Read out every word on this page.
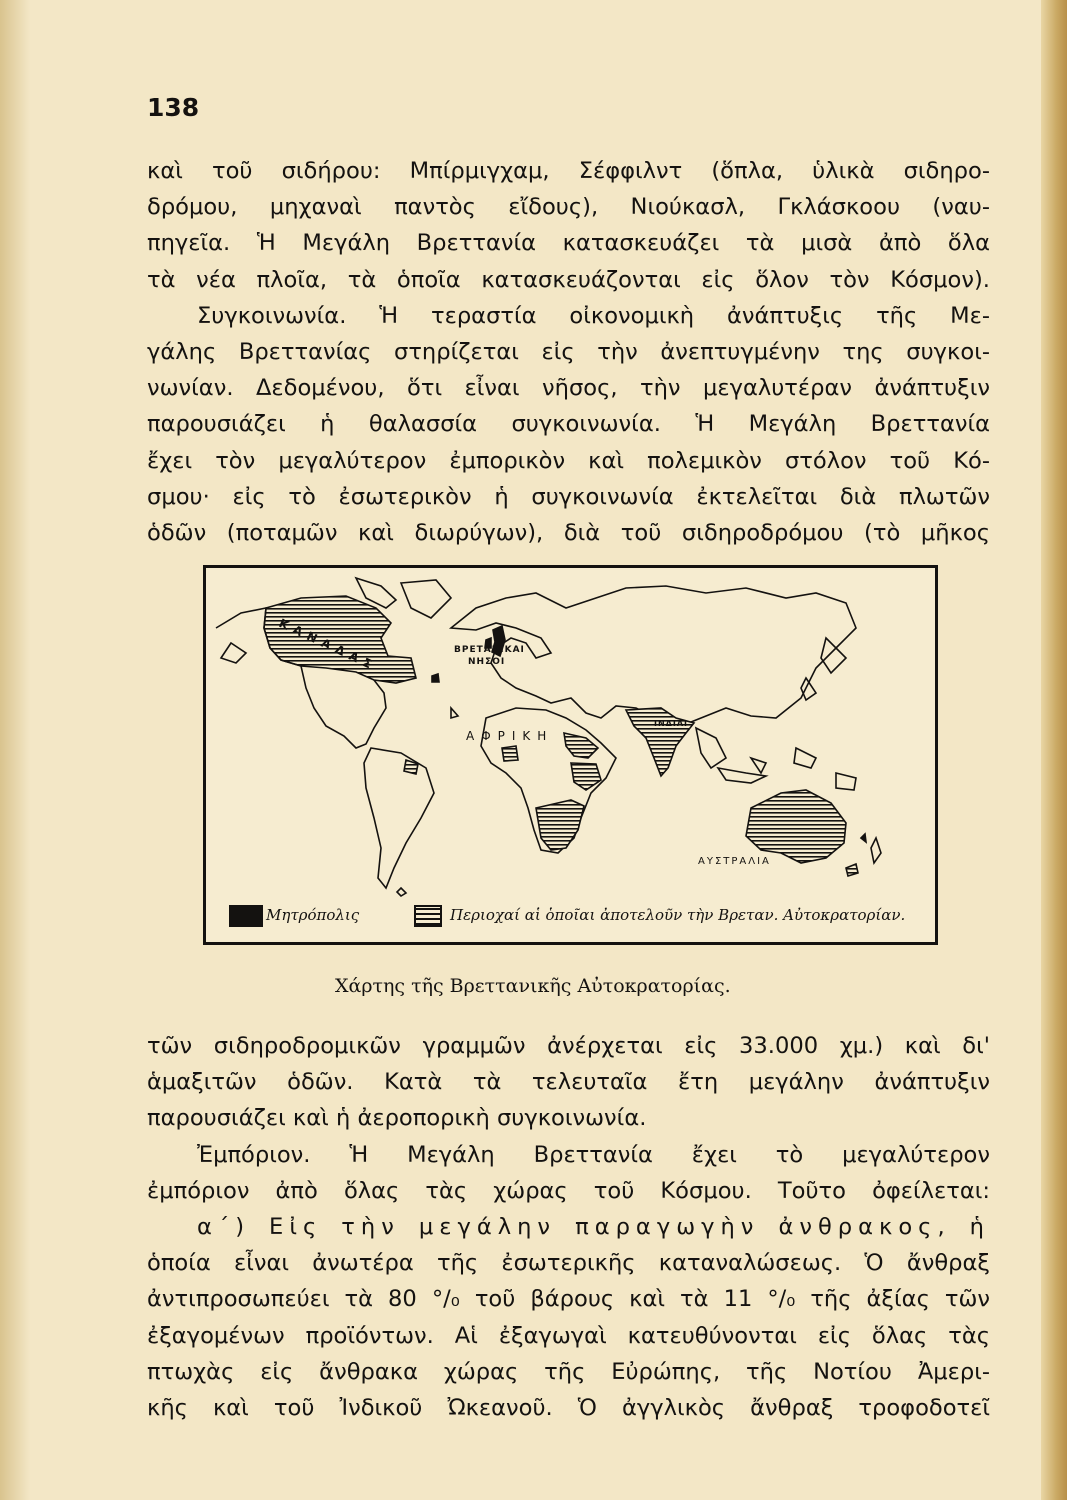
138
καὶ τοῦ σιδήρου: Μπίρμιγχαμ, Σέφφιλντ (ὅπλα, ὑλικὰ σιδηρο-
δρόμου, μηχαναὶ παντὸς εἴδους), Νιούκασλ, Γκλάσκοου (ναυ-
πηγεῖα. Ἡ Μεγάλη Βρεττανία κατασκευάζει τὰ μισὰ ἀπὸ ὅλα
τὰ νέα πλοῖα, τὰ ὁποῖα κατασκευάζονται εἰς ὅλον τὸν Κόσμον).
Συγκοινωνία. Ἡ τεραστία οἰκονομικὴ ἀνάπτυξις τῆς Με-
γάλης Βρεττανίας στηρίζεται εἰς τὴν ἀνεπτυγμένην της συγκοι-
νωνίαν. Δεδομένου, ὅτι εἶναι νῆσος, τὴν μεγαλυτέραν ἀνάπτυξιν
παρουσιάζει ἡ θαλασσία συγκοινωνία. Ἡ Μεγάλη Βρεττανία
ἔχει τὸν μεγαλύτερον ἐμπορικὸν καὶ πολεμικὸν στόλον τοῦ Κό-
σμου· εἰς τὸ ἐσωτερικὸν ἡ συγκοινωνία ἐκτελεῖται διὰ πλωτῶν
ὁδῶν (ποταμῶν καὶ διωρύγων), διὰ τοῦ σιδηροδρόμου (τὸ μῆκος
ΚΑΝΑΔΑΣ	ΒΡΕΤΑΝΙΚΑΙ
ΝΗΣΟΙ
ΑΦΡΙΚΗ
ΙΝΔΙΑΙ
ΑΥΣΤΡΑΛΙΑ
Μητρόπολις	Περιοχαί αἱ ὁποῖαι ἀποτελοῦν τὴν Βρεταν. Αὐτοκρατορίαν.
Χάρτης τῆς Βρεττανικῆς Αὐτοκρατορίας.
τῶν σιδηροδρομικῶν γραμμῶν ἀνέρχεται εἰς 33.000 χμ.) καὶ δι'
ἁμαξιτῶν ὁδῶν. Κατὰ τὰ τελευταῖα ἔτη μεγάλην ἀνάπτυξιν
παρουσιάζει καὶ ἡ ἀεροπορικὴ συγκοινωνία.
Ἐμπόριον. Ἡ Μεγάλη Βρεττανία ἔχει τὸ μεγαλύτερον
ἐμπόριον ἀπὸ ὅλας τὰς χώρας τοῦ Κόσμου. Τοῦτο ὀφείλεται:
α΄) Εἰς τὴν μεγάλην παραγωγὴν ἀνθρακος, ἡ
ὁποία εἶναι ἀνωτέρα τῆς ἐσωτερικῆς καταναλώσεως. Ὁ ἄνθραξ
ἀντιπροσωπεύει τὰ 80 °/₀ τοῦ βάρους καὶ τὰ 11 °/₀ τῆς ἀξίας τῶν
ἐξαγομένων προϊόντων. Αἱ ἐξαγωγαὶ κατευθύνονται εἰς ὅλας τὰς
πτωχὰς εἰς ἄνθρακα χώρας τῆς Εὐρώπης, τῆς Νοτίου Ἀμερι-
κῆς καὶ τοῦ Ἰνδικοῦ Ὠκεανοῦ. Ὁ ἀγγλικὸς ἄνθραξ τροφοδοτεῖ
